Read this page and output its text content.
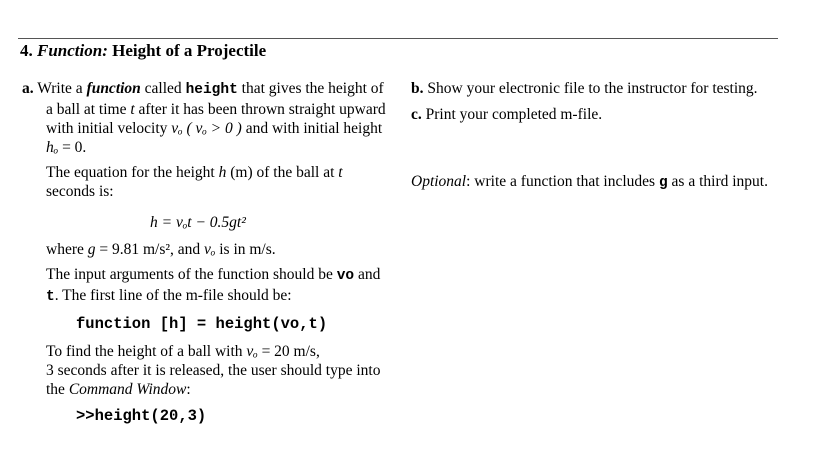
4. Function: Height of a Projectile

a. Write a function called height that gives the height of a ball at time t after it has been thrown straight upward with initial velocity vₒ ( vₒ > 0 ) and with initial height hₒ = 0.

The equation for the height h (m) of the ball at t seconds is:

h = vₒt − 0.5gt²

where g = 9.81 m/s², and vₒ is in m/s.

The input arguments of the function should be vo and t. The first line of the m-file should be:

function [h] = height(vo,t)

To find the height of a ball with vₒ = 20 m/s,
3 seconds after it is released, the user should type into the Command Window:

>>height(20,3)

b. Show your electronic file to the instructor for testing.

c. Print your completed m-file.

Optional: write a function that includes g as a third input.
